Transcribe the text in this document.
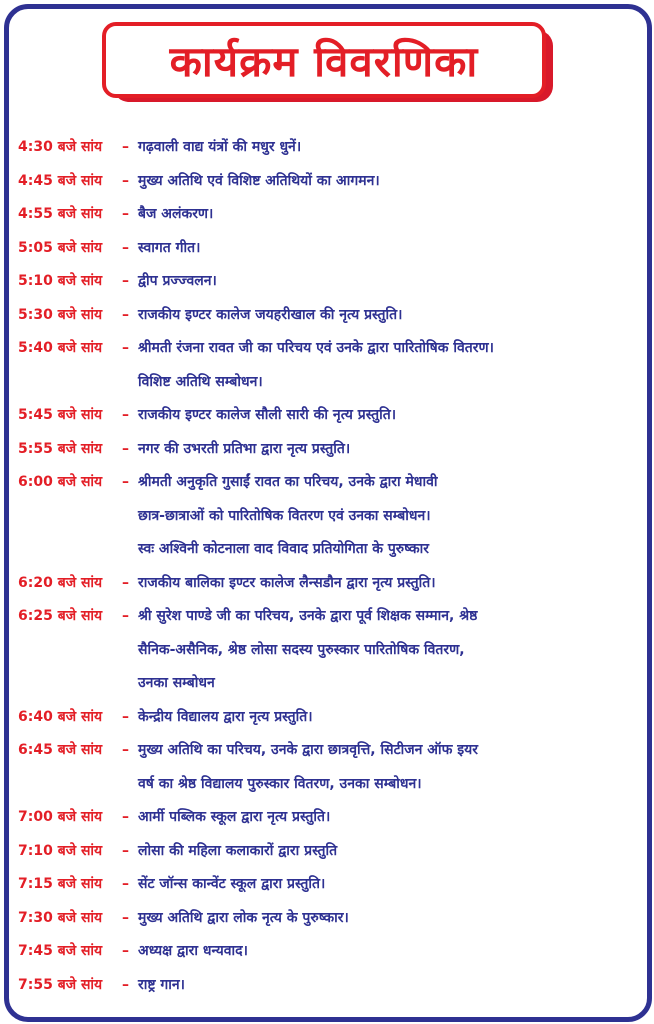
कार्यक्रम विवरणिका
4:30 बजे सांय	– गढ़वाली वाद्य यंत्रों की मधुर धुनें।
4:45 बजे सांय	– मुख्य अतिथि एवं विशिष्ट अतिथियों का आगमन।
4:55 बजे सांय	– बैज अलंकरण।
5:05 बजे सांय	– स्वागत गीत।
5:10 बजे सांय	– द्वीप प्रज्ज्वलन।
5:30 बजे सांय	– राजकीय इण्टर कालेज जयहरीखाल की नृत्य प्रस्तुति।
5:40 बजे सांय	– श्रीमती रंजना रावत जी का परिचय एवं उनके द्वारा पारितोषिक वितरण।
विशिष्ट अतिथि सम्बोधन।
5:45 बजे सांय	– राजकीय इण्टर कालेज सौली सारी की नृत्य प्रस्तुति।
5:55 बजे सांय	– नगर की उभरती प्रतिभा द्वारा नृत्य प्रस्तुति।
6:00 बजे सांय	– श्रीमती अनुकृति गुसाईं रावत का परिचय, उनके द्वारा मेधावी
छात्र-छात्राओं को पारितोषिक वितरण एवं उनका सम्बोधन।
स्वः अश्विनी कोटनाला वाद विवाद प्रतियोगिता के पुरुष्कार
6:20 बजे सांय	– राजकीय बालिका इण्टर कालेज लैन्सडौन द्वारा नृत्य प्रस्तुति।
6:25 बजे सांय	– श्री सुरेश पाण्डे जी का परिचय, उनके द्वारा पूर्व शिक्षक सम्मान, श्रेष्ठ
सैनिक-असैनिक, श्रेष्ठ लोसा सदस्य पुरुस्कार पारितोषिक वितरण,
उनका सम्बोधन
6:40 बजे सांय	– केन्द्रीय विद्यालय द्वारा नृत्य प्रस्तुति।
6:45 बजे सांय	– मुख्य अतिथि का परिचय, उनके द्वारा छात्रवृत्ति, सिटीजन ऑफ इयर
वर्ष का श्रेष्ठ विद्यालय पुरुस्कार वितरण, उनका सम्बोधन।
7:00 बजे सांय	– आर्मी पब्लिक स्कूल द्वारा नृत्य प्रस्तुति।
7:10 बजे सांय	– लोसा की महिला कलाकारों द्वारा प्रस्तुति
7:15 बजे सांय	– सेंट जॉन्स कान्वेंट स्कूल द्वारा प्रस्तुति।
7:30 बजे सांय	– मुख्य अतिथि द्वारा लोक नृत्य के पुरुष्कार।
7:45 बजे सांय	– अध्यक्ष द्वारा धन्यवाद।
7:55 बजे सांय	– राष्ट्र गान।
